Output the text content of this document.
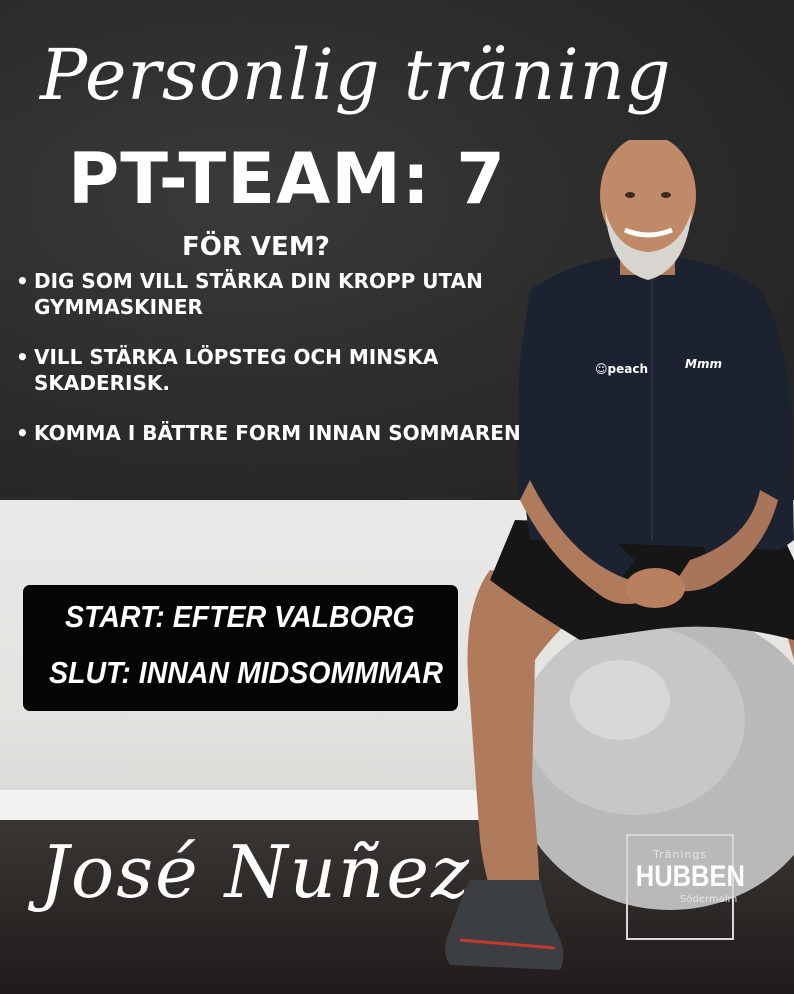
☺peach	Mmm
Personlig träning
PT-TEAM: 7
FÖR VEM?
• DIG SOM VILL STÄRKA DIN KROPP UTAN GYMMASKINER
• VILL STÄRKA LÖPSTEG OCH MINSKA SKADERISK.
• KOMMA I BÄTTRE FORM INNAN SOMMAREN
START: EFTER VALBORG
SLUT: INNAN MIDSOMMMAR
José Nuñez	Tränings
HUBBEN
Södermalm
